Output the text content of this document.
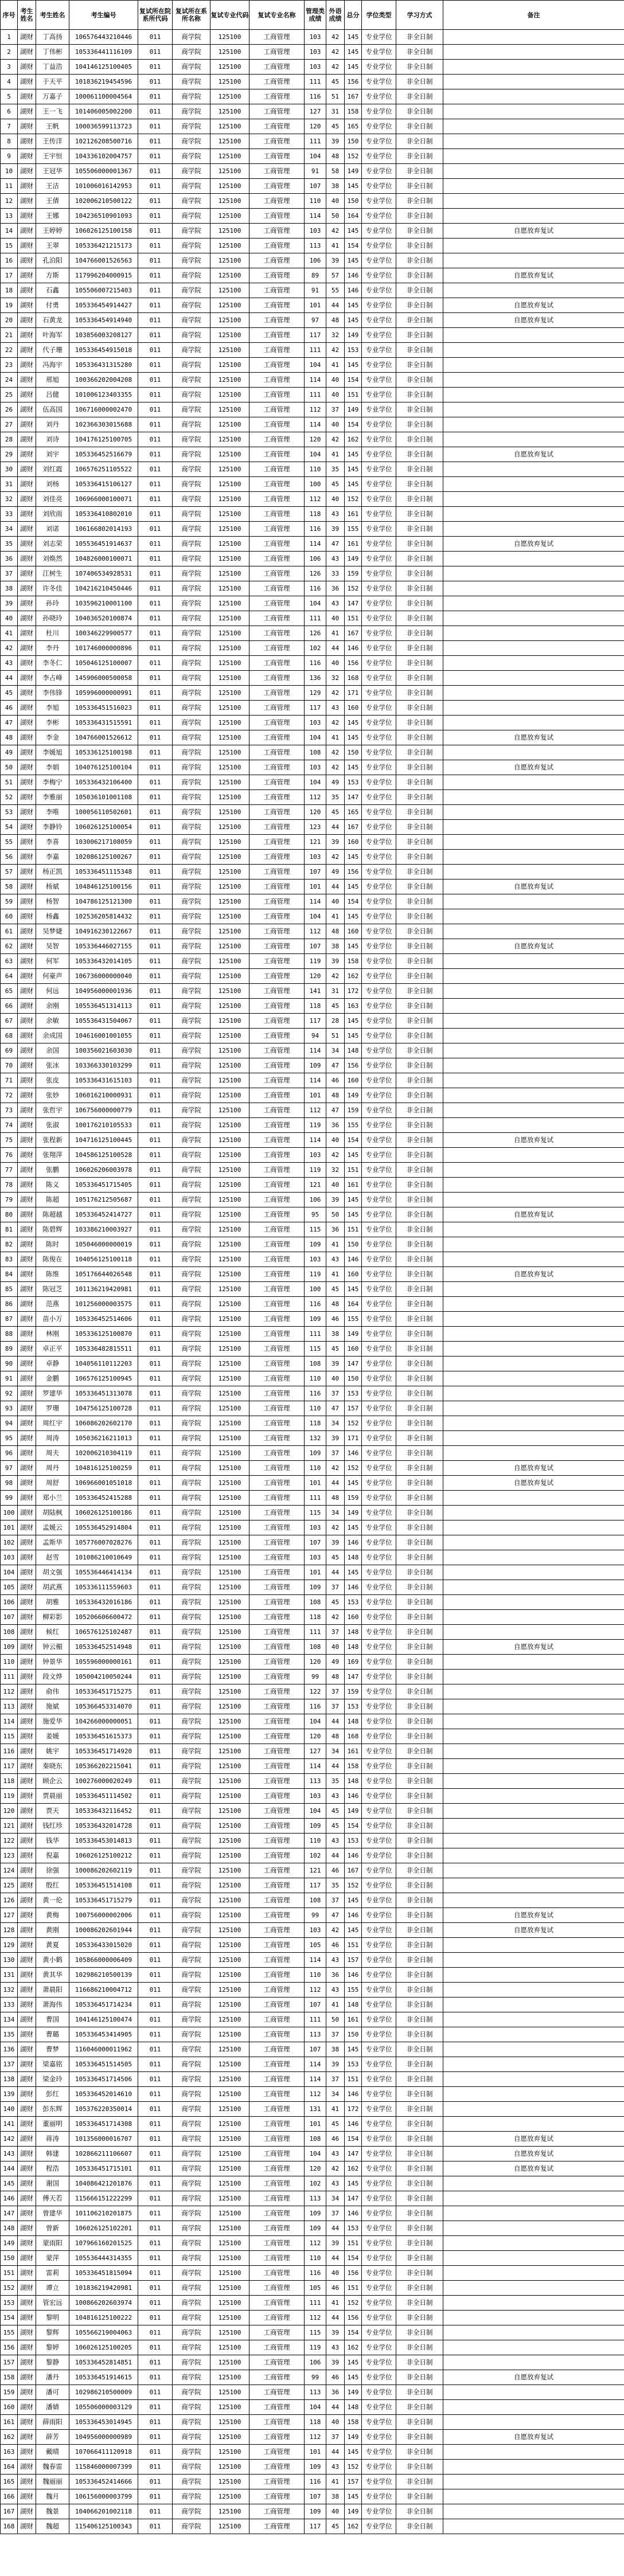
序号	考生姓名	考生姓名	考生编号	复试所在院系所代码	复试所在系所名称	复试专业代码	复试专业名称	管理类成绩	外语成绩	总分	学位类型	学习方式	备注
1	湖财	丁高扬	106576443210446	011	商学院	125100	工商管理	103	42	145	专业学位	非全日制	
2	湖财	丁伟彬	105336441116109	011	商学院	125100	工商管理	103	42	145	专业学位	非全日制	
3	湖财	丁益浩	104146125100405	011	商学院	125100	工商管理	103	42	145	专业学位	非全日制	
4	湖财	于天平	101836219454596	011	商学院	125100	工商管理	111	45	156	专业学位	非全日制	
5	湖财	万嘉子	100061100004564	011	商学院	125100	工商管理	116	51	167	专业学位	非全日制	
6	湖财	王一飞	101406005002200	011	商学院	125100	工商管理	127	31	158	专业学位	非全日制	
7	湖财	王帆	100036599113723	011	商学院	125100	工商管理	120	45	165	专业学位	非全日制	
8	湖财	王传洋	102126208500716	011	商学院	125100	工商管理	111	39	150	专业学位	非全日制	
9	湖财	王宇恒	104336102004757	011	商学院	125100	工商管理	104	48	152	专业学位	非全日制	
10	湖财	王冠华	105506000001367	011	商学院	125100	工商管理	91	58	149	专业学位	非全日制	
11	湖财	王洁	101006016142953	011	商学院	125100	工商管理	107	38	145	专业学位	非全日制	
12	湖财	王倩	102006210500122	011	商学院	125100	工商管理	110	40	150	专业学位	非全日制	
13	湖财	王娜	104236510901093	011	商学院	125100	工商管理	114	50	164	专业学位	非全日制	
14	湖财	王婷婷	106026125100158	011	商学院	125100	工商管理	103	42	145	专业学位	非全日制	自愿放弃复试
15	湖财	王翠	105336421215173	011	商学院	125100	工商管理	113	41	154	专业学位	非全日制	
16	湖财	孔泊阳	104766001526563	011	商学院	125100	工商管理	106	39	145	专业学位	非全日制	
17	湖财	方斯	117996204000915	011	商学院	125100	工商管理	89	57	146	专业学位	非全日制	自愿放弃复试
18	湖财	石鑫	105506007215403	011	商学院	125100	工商管理	91	55	146	专业学位	非全日制	
19	湖财	付勇	105336454914427	011	商学院	125100	工商管理	101	44	145	专业学位	非全日制	自愿放弃复试
20	湖财	石黄龙	105336454914940	011	商学院	125100	工商管理	97	48	145	专业学位	非全日制	自愿放弃复试
21	湖财	叶海军	103856003208127	011	商学院	125100	工商管理	117	32	149	专业学位	非全日制	
22	湖财	代子珊	105336454915018	011	商学院	125100	工商管理	111	42	153	专业学位	非全日制	
23	湖财	冯海宇	105336431315280	011	商学院	125100	工商管理	104	41	145	专业学位	非全日制	
24	湖财	邢旭	100366202004208	011	商学院	125100	工商管理	114	40	154	专业学位	非全日制	
25	湖财	吕健	101006123403355	011	商学院	125100	工商管理	111	40	151	专业学位	非全日制	
26	湖财	伍高国	106716000002470	011	商学院	125100	工商管理	112	37	149	专业学位	非全日制	
27	湖财	刘丹	102366303015688	011	商学院	125100	工商管理	114	40	154	专业学位	非全日制	
28	湖财	刘诗	104176125100705	011	商学院	125100	工商管理	120	42	162	专业学位	非全日制	
29	湖财	刘宇	105336452516679	011	商学院	125100	工商管理	104	41	145	专业学位	非全日制	自愿放弃复试
30	湖财	刘红霞	106576251105522	011	商学院	125100	工商管理	110	35	145	专业学位	非全日制	
31	湖财	刘杨	105336415106127	011	商学院	125100	工商管理	100	45	145	专业学位	非全日制	
32	湖财	刘佳亮	106966000100071	011	商学院	125100	工商管理	112	40	152	专业学位	非全日制	
33	湖财	刘欣雨	105336410802010	011	商学院	125100	工商管理	118	43	161	专业学位	非全日制	
34	湖财	刘诺	106166802014193	011	商学院	125100	工商管理	116	39	155	专业学位	非全日制	
35	湖财	刘志荣	105536451914637	011	商学院	125100	工商管理	114	47	161	专业学位	非全日制	自愿放弃复试
36	湖财	刘焕然	104826000100071	011	商学院	125100	工商管理	106	43	149	专业学位	非全日制	
37	湖财	江树生	107406534928531	011	商学院	125100	工商管理	126	33	159	专业学位	非全日制	
38	湖财	许冬佳	104216210450446	011	商学院	125100	工商管理	116	36	152	专业学位	非全日制	
39	湖财	孙玲	103596210001100	011	商学院	125100	工商管理	104	43	147	专业学位	非全日制	
40	湖财	孙晓玲	104036520100874	011	商学院	125100	工商管理	111	40	151	专业学位	非全日制	
41	湖财	杜川	100346229900577	011	商学院	125100	工商管理	126	41	167	专业学位	非全日制	
42	湖财	李丹	101746000000896	011	商学院	125100	工商管理	102	44	146	专业学位	非全日制	
43	湖财	李冬仁	105046125100007	011	商学院	125100	工商管理	116	40	156	专业学位	非全日制	
44	湖财	李占峰	145906000500058	011	商学院	125100	工商管理	136	32	168	专业学位	非全日制	
45	湖财	李伟锋	105996000000991	011	商学院	125100	工商管理	129	42	171	专业学位	非全日制	
46	湖财	李旭	105336451516023	011	商学院	125100	工商管理	117	43	160	专业学位	非全日制	
47	湖财	李彬	105336431515591	011	商学院	125100	工商管理	103	42	145	专业学位	非全日制	
48	湖财	李金	104766001526612	011	商学院	125100	工商管理	104	41	145	专业学位	非全日制	自愿放弃复试
49	湖财	李媛旭	105336125100198	011	商学院	125100	工商管理	108	42	150	专业学位	非全日制	
50	湖财	李娟	104076125100104	011	商学院	125100	工商管理	103	42	145	专业学位	非全日制	自愿放弃复试
51	湖财	李梅宁	105336432106400	011	商学院	125100	工商管理	104	49	153	专业学位	非全日制	
52	湖财	李雅丽	105036101001108	011	商学院	125100	工商管理	112	35	147	专业学位	非全日制	
53	湖财	李唯	100056110502601	011	商学院	125100	工商管理	120	45	165	专业学位	非全日制	
54	湖财	李静铃	106026125100054	011	商学院	125100	工商管理	123	44	167	专业学位	非全日制	
55	湖财	李喜	103006217108059	011	商学院	125100	工商管理	121	39	160	专业学位	非全日制	
56	湖财	李嘉	102086125100267	011	商学院	125100	工商管理	103	42	145	专业学位	非全日制	
57	湖财	杨正凯	105336451115348	011	商学院	125100	工商管理	107	49	156	专业学位	非全日制	
58	湖财	杨斌	104846125100156	011	商学院	125100	工商管理	101	44	145	专业学位	非全日制	自愿放弃复试
59	湖财	杨智	104786125121300	011	商学院	125100	工商管理	114	40	154	专业学位	非全日制	
60	湖财	杨鑫	102536205814432	011	商学院	125100	工商管理	104	41	145	专业学位	非全日制	
61	湖财	吴梦婕	104916230122667	011	商学院	125100	工商管理	112	48	160	专业学位	非全日制	
62	湖财	吴智	105336446027155	011	商学院	125100	工商管理	107	38	145	专业学位	非全日制	自愿放弃复试
63	湖财	何军	105336432014105	011	商学院	125100	工商管理	119	39	158	专业学位	非全日制	
64	湖财	何豪声	106736000000040	011	商学院	125100	工商管理	120	42	162	专业学位	非全日制	
65	湖财	何远	104956000001936	011	商学院	125100	工商管理	141	31	172	专业学位	非全日制	
66	湖财	余刚	105536451314113	011	商学院	125100	工商管理	118	45	163	专业学位	非全日制	
67	湖财	余敏	105536431504067	011	商学院	125100	工商管理	117	28	145	专业学位	非全日制	
68	湖财	余成国	104616001001055	011	商学院	125100	工商管理	94	51	145	专业学位	非全日制	
69	湖财	余国	100356021603030	011	商学院	125100	工商管理	114	34	148	专业学位	非全日制	
70	湖财	张冰	103366330103299	011	商学院	125100	工商管理	109	47	156	专业学位	非全日制	
71	湖财	张皮	105336431615103	011	商学院	125100	工商管理	114	46	160	专业学位	非全日制	
72	湖财	张妙	106016210000931	011	商学院	125100	工商管理	101	48	149	专业学位	非全日制	
73	湖财	张哲宇	106756000000779	011	商学院	125100	工商管理	112	47	159	专业学位	非全日制	
74	湖财	张淑	100176210105533	011	商学院	125100	工商管理	119	36	155	专业学位	非全日制	
75	湖财	张程新	104716125100445	011	商学院	125100	工商管理	114	40	154	专业学位	非全日制	自愿放弃复试
76	湖财	张翔萍	104586125100528	011	商学院	125100	工商管理	103	42	145	专业学位	非全日制	
77	湖财	张鹏	106026206003978	011	商学院	125100	工商管理	119	32	151	专业学位	非全日制	
78	湖财	陈义	105336451715405	011	商学院	125100	工商管理	121	40	161	专业学位	非全日制	
79	湖财	陈超	105176212505687	011	商学院	125100	工商管理	106	39	145	专业学位	非全日制	
80	湖财	陈超越	105336452414727	011	商学院	125100	工商管理	95	50	145	专业学位	非全日制	自愿放弃复试
81	湖财	陈碧辉	103386210003927	011	商学院	125100	工商管理	115	36	151	专业学位	非全日制	
82	湖财	陈时	105046000000019	011	商学院	125100	工商管理	109	41	150	专业学位	非全日制	
83	湖财	陈俊在	104056125100118	011	商学院	125100	工商管理	103	43	146	专业学位	非全日制	
84	湖财	陈维	105176644026548	011	商学院	125100	工商管理	119	41	160	专业学位	非全日制	自愿放弃复试
85	湖财	陈冠芝	101136219420981	011	商学院	125100	工商管理	100	45	145	专业学位	非全日制	
86	湖财	范燕	101256000003575	011	商学院	125100	工商管理	116	48	164	专业学位	非全日制	
87	湖财	苗小万	105336452514606	011	商学院	125100	工商管理	109	46	155	专业学位	非全日制	
88	湖财	林刚	105336125100870	011	商学院	125100	工商管理	111	38	149	专业学位	非全日制	
89	湖财	卓正平	105336482815511	011	商学院	125100	工商管理	115	45	160	专业学位	非全日制	
90	湖财	卓静	104056110112203	011	商学院	125100	工商管理	108	39	147	专业学位	非全日制	
91	湖财	金鹏	106576125100945	011	商学院	125100	工商管理	110	40	150	专业学位	非全日制	
92	湖财	罗建华	105336451313078	011	商学院	125100	工商管理	116	37	153	专业学位	非全日制	
93	湖财	罗珊	104756125100728	011	商学院	125100	工商管理	110	47	157	专业学位	非全日制	
94	湖财	周红宇	106086202602170	011	商学院	125100	工商管理	118	34	152	专业学位	非全日制	
95	湖财	周涛	105036216211013	011	商学院	125100	工商管理	132	39	171	专业学位	非全日制	
96	湖财	周夫	102006210304119	011	商学院	125100	工商管理	109	37	146	专业学位	非全日制	
97	湖财	周丹	104816125100259	011	商学院	125100	工商管理	110	42	152	专业学位	非全日制	自愿放弃复试
98	湖财	周舒	106966001051018	011	商学院	125100	工商管理	101	44	145	专业学位	非全日制	自愿放弃复试
99	湖财	郑小兰	105336452415288	011	商学院	125100	工商管理	111	48	159	专业学位	非全日制	
100	湖财	胡陆枫	106026125100186	011	商学院	125100	工商管理	115	34	149	专业学位	非全日制	
101	湖财	孟媛云	105536452914804	011	商学院	125100	工商管理	103	42	145	专业学位	非全日制	
102	湖财	孟斯华	105776007028276	011	商学院	125100	工商管理	107	39	146	专业学位	非全日制	
103	湖财	赵雪	101086210010649	011	商学院	125100	工商管理	103	45	148	专业学位	非全日制	
104	湖财	胡文强	105536446414134	011	商学院	125100	工商管理	101	44	145	专业学位	非全日制	
105	湖财	胡武燕	105336111559603	011	商学院	125100	工商管理	109	37	146	专业学位	非全日制	
106	湖财	胡雅	105336432016186	011	商学院	125100	工商管理	108	45	153	专业学位	非全日制	
107	湖财	柳彩影	105206606600472	011	商学院	125100	工商管理	118	42	160	专业学位	非全日制	
108	湖财	候红	106576125102487	011	商学院	125100	工商管理	111	37	148	专业学位	非全日制	
109	湖财	钟云楣	105336452514948	011	商学院	125100	工商管理	108	40	148	专业学位	非全日制	自愿放弃复试
110	湖财	钟景华	105596000000161	011	商学院	125100	工商管理	120	49	169	专业学位	非全日制	
111	湖财	段文烨	105004210050244	011	商学院	125100	工商管理	99	48	147	专业学位	非全日制	
112	湖财	俞伟	105336451715275	011	商学院	125100	工商管理	122	37	159	专业学位	非全日制	
113	湖财	施斌	105366453314070	011	商学院	125100	工商管理	116	37	153	专业学位	非全日制	
114	湖财	施爱华	104266000000051	011	商学院	125100	工商管理	104	44	148	专业学位	非全日制	
115	湖财	姜媛	105336451615373	011	商学院	125100	工商管理	120	48	168	专业学位	非全日制	
116	湖财	姚宇	105336451714920	011	商学院	125100	工商管理	127	34	161	专业学位	非全日制	
117	湖财	秦晓东	105366202215041	011	商学院	125100	工商管理	114	44	158	专业学位	非全日制	
118	湖财	顾企云	100276000020249	011	商学院	125100	工商管理	113	35	148	专业学位	非全日制	
119	湖财	贾晨丽	105336451114502	011	商学院	125100	工商管理	103	43	146	专业学位	非全日制	
120	湖财	贾天	105336432116452	011	商学院	125100	工商管理	104	45	149	专业学位	非全日制	
121	湖财	钱红珍	105336432014728	011	商学院	125100	工商管理	109	45	154	专业学位	非全日制	
122	湖财	钱华	105336453014813	011	商学院	125100	工商管理	110	43	153	专业学位	非全日制	
123	湖财	倪嘉	106026125100212	011	商学院	125100	工商管理	102	44	146	专业学位	非全日制	
124	湖财	徐强	100086202602119	011	商学院	125100	工商管理	121	46	167	专业学位	非全日制	
125	湖财	殷红	105336451514108	011	商学院	125100	工商管理	117	35	152	专业学位	非全日制	
126	湖财	黄一伦	105336451715279	011	商学院	125100	工商管理	108	37	145	专业学位	非全日制	
127	湖财	黄梅	100756000002006	011	商学院	125100	工商管理	99	47	146	专业学位	非全日制	自愿放弃复试
128	湖财	黄刚	100086202601944	011	商学院	125100	工商管理	103	42	145	专业学位	非全日制	自愿放弃复试
129	湖财	黄夏	105336433015020	011	商学院	125100	工商管理	105	46	151	专业学位	非全日制	
130	湖财	黄小鹤	105866000006409	011	商学院	125100	工商管理	114	43	157	专业学位	非全日制	
131	湖财	黄其华	102986210500139	011	商学院	125100	工商管理	110	36	146	专业学位	非全日制	
132	湖财	萧晨阳	116686210004712	011	商学院	125100	工商管理	112	43	155	专业学位	非全日制	
133	湖财	萧海伟	105336451714234	011	商学院	125100	工商管理	107	41	148	专业学位	非全日制	
134	湖财	曹国	104146125100474	011	商学院	125100	工商管理	111	50	161	专业学位	非全日制	
135	湖财	曹璐	105336453414905	011	商学院	125100	工商管理	113	37	150	专业学位	非全日制	
136	湖财	曹梦	116046000011962	011	商学院	125100	工商管理	107	38	145	专业学位	非全日制	
137	湖财	梁嘉铭	105336451514505	011	商学院	125100	工商管理	114	39	153	专业学位	非全日制	
138	湖财	梁金玲	105336451714506	011	商学院	125100	工商管理	114	37	151	专业学位	非全日制	
139	湖财	彭红	105336452014610	011	商学院	125100	工商管理	112	34	146	专业学位	非全日制	
140	湖财	彭东辉	105376220350014	011	商学院	125100	工商管理	131	41	172	专业学位	非全日制	
141	湖财	董丽明	105336451714308	011	商学院	125100	工商管理	101	45	146	专业学位	非全日制	
142	湖财	蒋涛	101356000016707	011	商学院	125100	工商管理	108	46	154	专业学位	非全日制	自愿放弃复试
143	湖财	韩建	102866211106607	011	商学院	125100	工商管理	104	43	147	专业学位	非全日制	自愿放弃复试
144	湖财	程浩	105336451715101	011	商学院	125100	工商管理	120	42	162	专业学位	非全日制	自愿放弃复试
145	湖财	谢国	104086421201876	011	商学院	125100	工商管理	102	43	145	专业学位	非全日制	
146	湖财	傅天若	115666151222299	011	商学院	125100	工商管理	113	34	147	专业学位	非全日制	
147	湖财	曾建华	101106210201875	011	商学院	125100	工商管理	109	37	146	专业学位	非全日制	
148	湖财	曾新	106026125102201	011	商学院	125100	工商管理	109	44	153	专业学位	非全日制	
149	湖财	蒙雨阳	107966160201525	011	商学院	125100	工商管理	112	39	151	专业学位	非全日制	
150	湖财	蒙萍	105536444314355	011	商学院	125100	工商管理	110	44	154	专业学位	非全日制	
151	湖财	雷莉	105336451815094	011	商学院	125100	工商管理	116	40	156	专业学位	非全日制	
152	湖财	谭立	101836219420981	011	商学院	125100	工商管理	105	46	151	专业学位	非全日制	
153	湖财	管宏远	100866202603974	011	商学院	125100	工商管理	111	41	152	专业学位	非全日制	
154	湖财	黎明	104816125100222	011	商学院	125100	工商管理	112	44	156	专业学位	非全日制	
155	湖财	黎辉	105566219004063	011	商学院	125100	工商管理	115	39	154	专业学位	非全日制	
156	湖财	黎婷	106026125100205	011	商学院	125100	工商管理	119	43	162	专业学位	非全日制	
157	湖财	黎静	105336452814851	011	商学院	125100	工商管理	106	39	145	专业学位	非全日制	
158	湖财	潘丹	105336451914615	011	商学院	125100	工商管理	99	46	145	专业学位	非全日制	自愿放弃复试
159	湖财	潘可	102986210500009	011	商学院	125100	工商管理	113	36	149	专业学位	非全日制	
160	湖财	潘婧	105506000003129	011	商学院	125100	工商管理	104	44	148	专业学位	非全日制	
161	湖财	薛雨阳	105336453014945	011	商学院	125100	工商管理	118	40	158	专业学位	非全日制	
162	湖财	薛芳	104956000000989	011	商学院	125100	工商管理	112	37	149	专业学位	非全日制	自愿放弃复试
163	湖财	戴晴	107066411120918	011	商学院	125100	工商管理	101	44	145	专业学位	非全日制	
164	湖财	魏春雷	115846000007399	011	商学院	125100	工商管理	109	43	152	专业学位	非全日制	
165	湖财	魏丽丽	105336452414666	011	商学院	125100	工商管理	116	41	157	专业学位	非全日制	
166	湖财	魏月	106156000003799	011	商学院	125100	工商管理	107	38	145	专业学位	非全日制	
167	湖财	魏景	104066201002118	011	商学院	125100	工商管理	109	40	149	专业学位	非全日制	
168	湖财	魏超	115406125100343	011	商学院	125100	工商管理	117	45	162	专业学位	非全日制	
